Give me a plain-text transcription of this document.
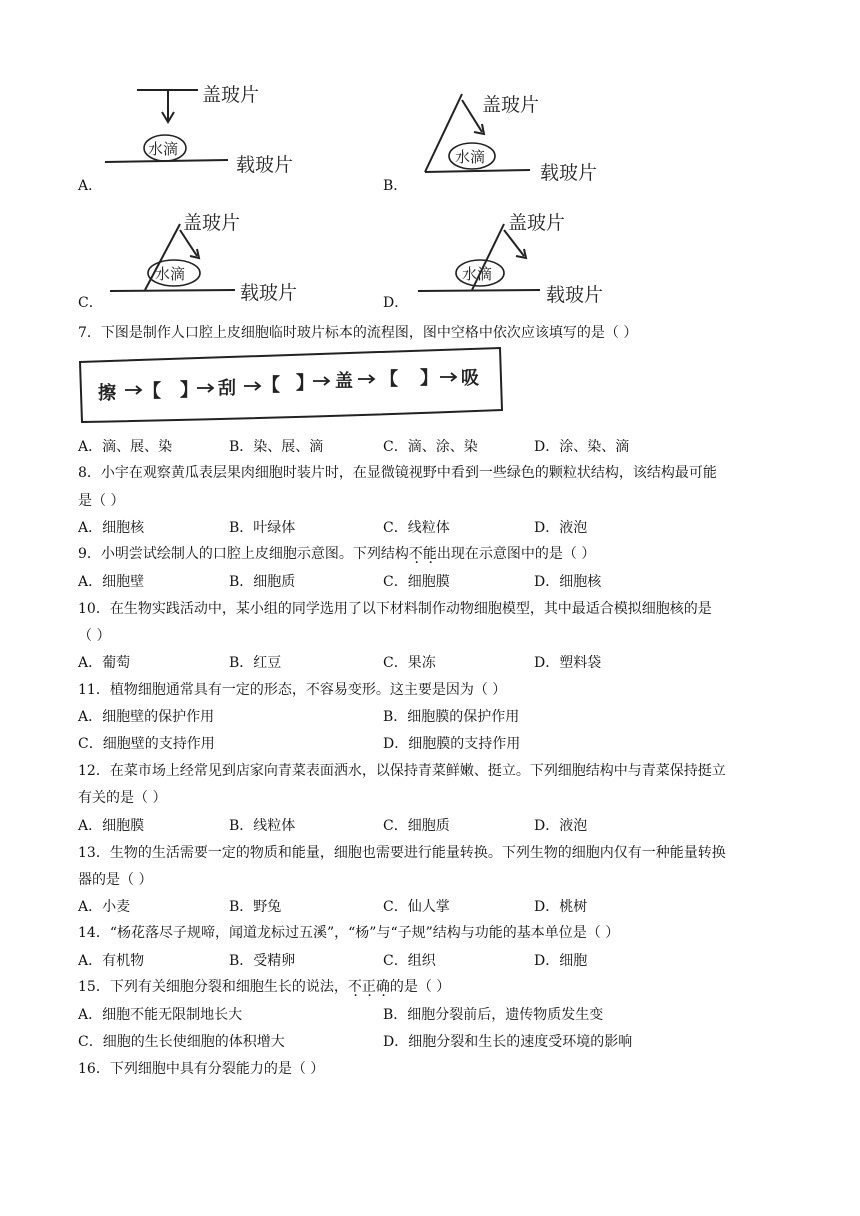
A．
盖玻片
水滴
载玻片
B．
盖玻片
水滴
载玻片
C．
盖玻片
水滴
载玻片	D．
盖玻片
水滴
载玻片
7．下图是制作人口腔上皮细胞临时玻片标本的流程图，图中空格中依次应该填写的是（ ）
擦 【 】 刮 【 】 盖 【 】 吸
A．滴、展、染	B．染、展、滴	C．滴、涂、染	D．涂、染、滴
8．小宇在观察黄瓜表层果肉细胞时装片时，在显微镜视野中看到一些绿色的颗粒状结构，该结构最可能
是（ ）
A．细胞核	B．叶绿体	C．线粒体	D．液泡
9．小明尝试绘制人的口腔上皮细胞示意图。下列结构不能出现在示意图中的是（ ）
A．细胞壁	B．细胞质	C．细胞膜	D．细胞核
10．在生物实践活动中，某小组的同学选用了以下材料制作动物细胞模型，其中最适合模拟细胞核的是
（ ）
A．葡萄	B．红豆	C．果冻	D．塑料袋
11．植物细胞通常具有一定的形态，不容易变形。这主要是因为（ ）
A．细胞壁的保护作用	B．细胞膜的保护作用
C．细胞壁的支持作用	D．细胞膜的支持作用
12．在菜市场上经常见到店家向青菜表面洒水，以保持青菜鲜嫩、挺立。下列细胞结构中与青菜保持挺立
有关的是（ ）
A．细胞膜	B．线粒体	C．细胞质	D．液泡
13．生物的生活需要一定的物质和能量，细胞也需要进行能量转换。下列生物的细胞内仅有一种能量转换
器的是（ ）
A．小麦	B．野兔	C．仙人掌	D．桃树
14．“杨花落尽子规啼，闻道龙标过五溪”，“杨”与“子规”结构与功能的基本单位是（ ）
A．有机物	B．受精卵	C．组织	D．细胞
15．下列有关细胞分裂和细胞生长的说法，不正确的是（ ）
A．细胞不能无限制地长大	B．细胞分裂前后，遗传物质发生变
C．细胞的生长使细胞的体积增大	D．细胞分裂和生长的速度受环境的影响
16．下列细胞中具有分裂能力的是（ ）
